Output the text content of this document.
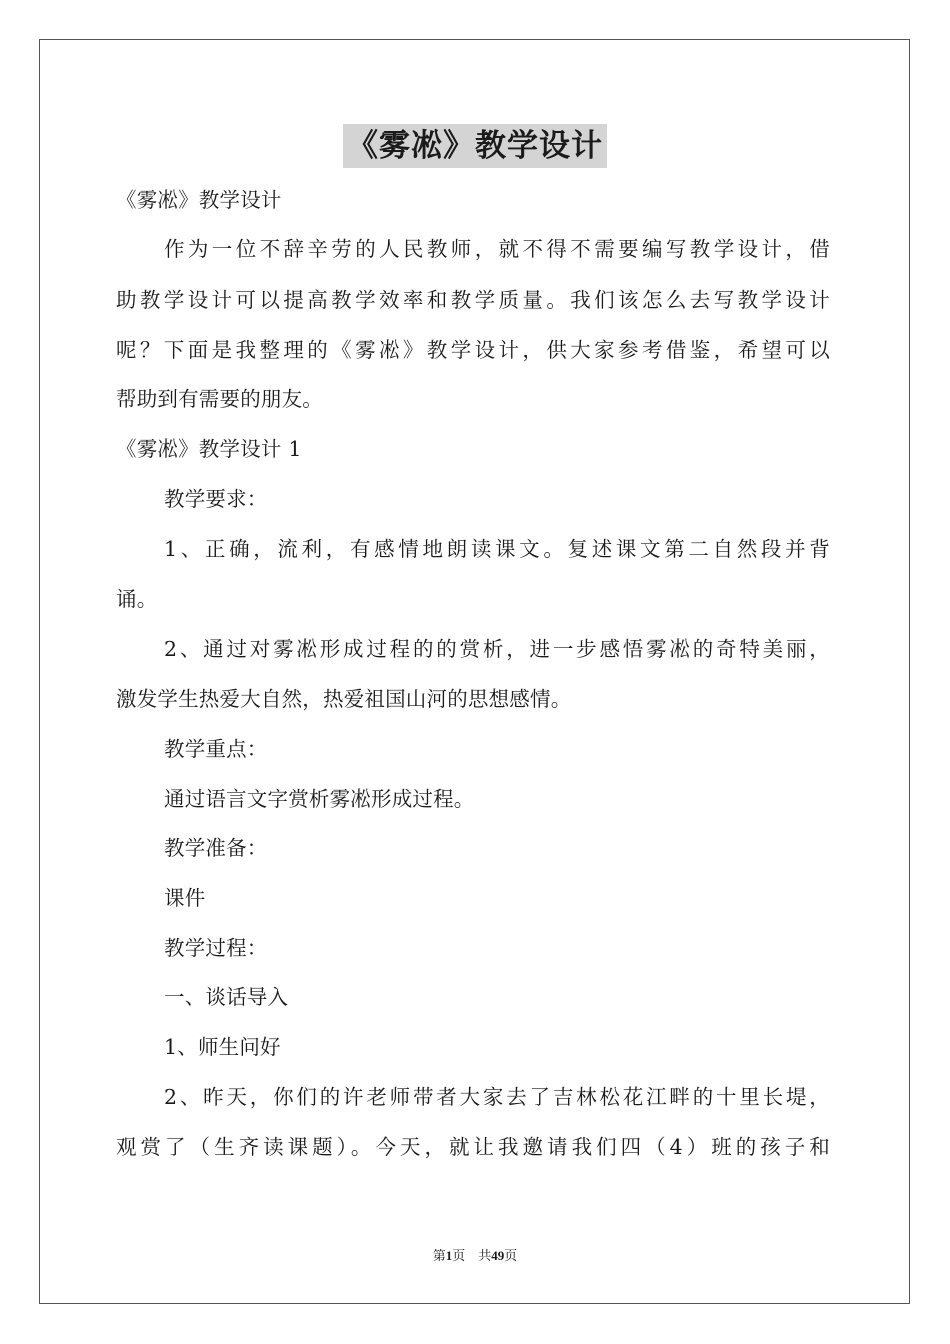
《雾凇》教学设计
《雾凇》教学设计
作为一位不辞辛劳的人民教师，就不得不需要编写教学设计，借
助教学设计可以提高教学效率和教学质量。我们该怎么去写教学设计
呢？下面是我整理的《雾凇》教学设计，供大家参考借鉴，希望可以
帮助到有需要的朋友。
《雾凇》教学设计 1
教学要求：
1、正确，流利，有感情地朗读课文。复述课文第二自然段并背
诵。
2、通过对雾凇形成过程的的赏析，进一步感悟雾凇的奇特美丽，
激发学生热爱大自然，热爱祖国山河的思想感情。
教学重点：
通过语言文字赏析雾凇形成过程。
教学准备：
课件
教学过程：
一、谈话导入
1、师生问好
2、昨天，你们的许老师带者大家去了吉林松花江畔的十里长堤，
观赏了（生齐读课题）。今天，就让我邀请我们四（4）班的孩子和
第1页　共49页
